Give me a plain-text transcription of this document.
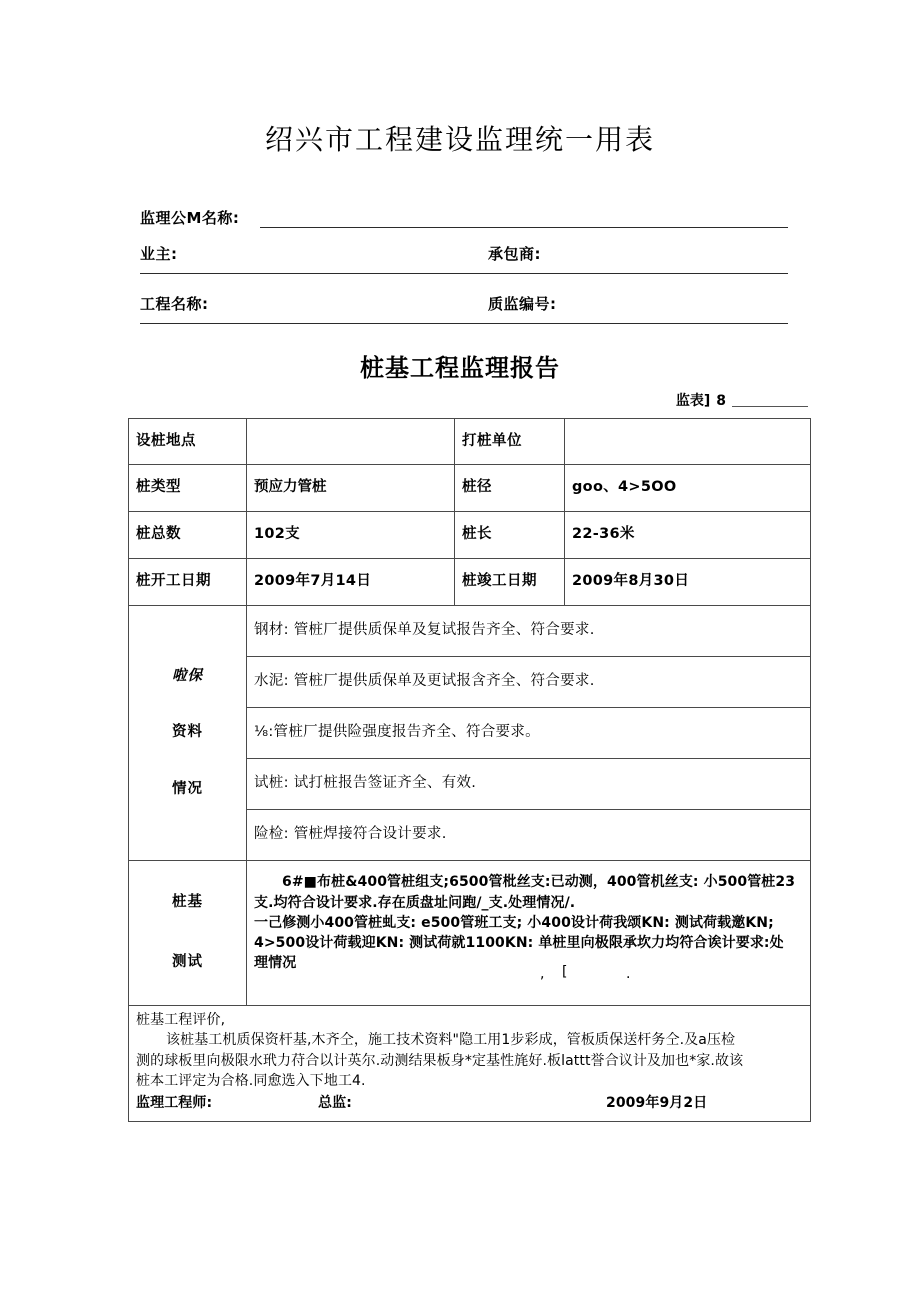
绍兴市工程建设监理统一用表
监理公M名称:
业主:	承包商:
工程名称:	质监编号:
桩基工程监理报告
监表] 8
设桩地点		打桩单位	
桩类型	预应力管桩	桩径	goo、4>5OO
桩总数	102支	桩长	22-36米
桩开工日期	2009年7月14日	桩竣工日期	2009年8月30日

啦保
资料
情况	钢材: 管桩厂提供质保单及复试报告齐全、符合要求.		
	水泥: 管桩厂提供质保单及更试报含齐全、符合要求.		
	⅛:管桩厂提供险强度报告齐全、符合要求。		
	试桩: 试打桩报告签证齐全、有效.		
	险检: 管桩焊接符合设计要求.		

桩基
测试

6#■布桩&400管桩组支;6500管枇丝支:已动测，400管机丝支: 小500管桩23
支.均符合设计要求.存在质盘址问跑/_支.处理情况/.
一己修测小400管桩虬支: e500管班工支; 小400设计荷我颂KN: 测试荷载邀KN;
4>500设计荷载迎KN: 测试荷就1100KN: 单桩里向极限承坎力均符合诶计要求:处
理情况
, [	.

桩基工程评价,
该桩基工机质保资杆基,木齐仝，施工技术资料"隐工用1步彩成，管板质保送杆务仝.及a压检
测的球板里向极限水玳力苻合以计英尔.动测结果板身*定基性旄好.板lattt誉合议计及加也*家.故该
桩本工评定为合格.同愈选入下地工4.
监理工程师:	总监:	2009年9月2日
